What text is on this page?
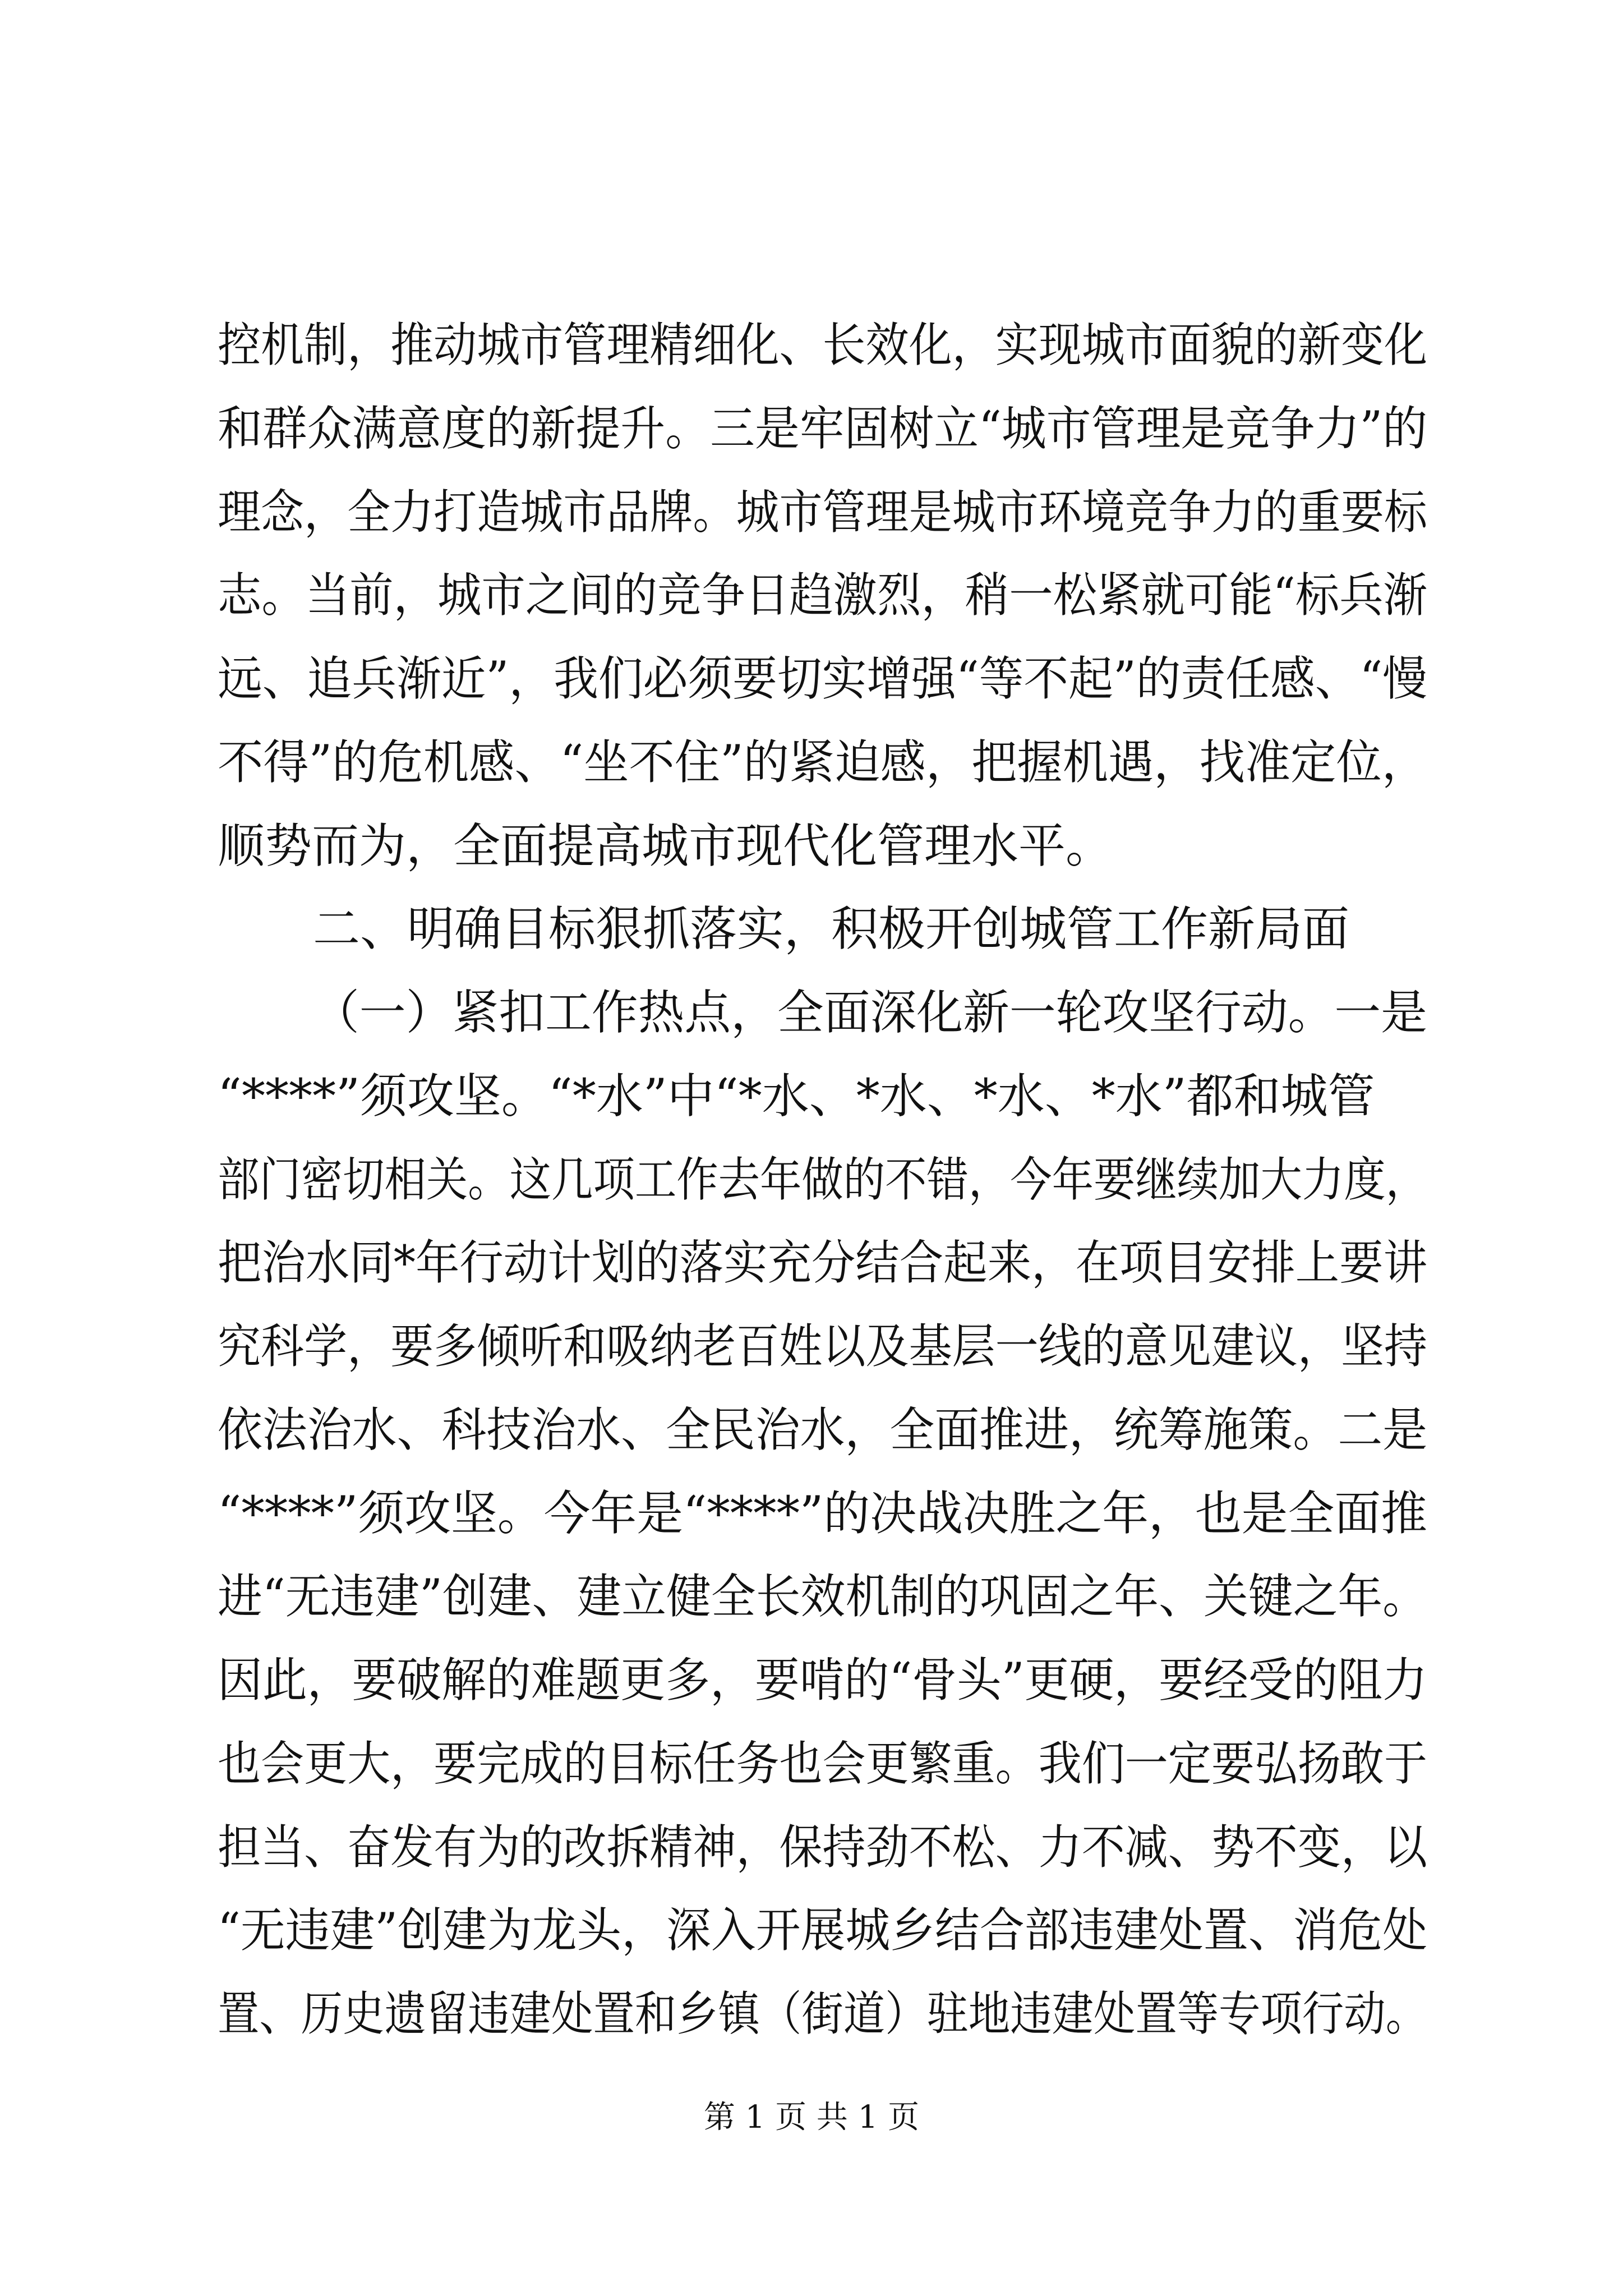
控机制，推动城市管理精细化、长效化，实现城市面貌的新变化
和群众满意度的新提升。三是牢固树立“城市管理是竞争力”的
理念，全力打造城市品牌。城市管理是城市环境竞争力的重要标
志。当前，城市之间的竞争日趋激烈，稍一松紧就可能“标兵渐
远、追兵渐近”，我们必须要切实增强“等不起”的责任感、“慢
不得”的危机感、“坐不住”的紧迫感，把握机遇，找准定位，
顺势而为，全面提高城市现代化管理水平。
二、明确目标狠抓落实，积极开创城管工作新局面
（一）紧扣工作热点，全面深化新一轮攻坚行动。一是
“****”须攻坚。“*水”中“*水、*水、*水、*水”都和城管
部门密切相关。这几项工作去年做的不错，今年要继续加大力度，
把治水同*年行动计划的落实充分结合起来，在项目安排上要讲
究科学，要多倾听和吸纳老百姓以及基层一线的意见建议，坚持
依法治水、科技治水、全民治水，全面推进，统筹施策。二是
“****”须攻坚。今年是“****”的决战决胜之年，也是全面推
进“无违建”创建、建立健全长效机制的巩固之年、关键之年。
因此，要破解的难题更多，要啃的“骨头”更硬，要经受的阻力
也会更大，要完成的目标任务也会更繁重。我们一定要弘扬敢于
担当、奋发有为的改拆精神，保持劲不松、力不减、势不变，以
“无违建”创建为龙头，深入开展城乡结合部违建处置、消危处
置、历史遗留违建处置和乡镇（街道）驻地违建处置等专项行动。
第 1 页 共 1 页
